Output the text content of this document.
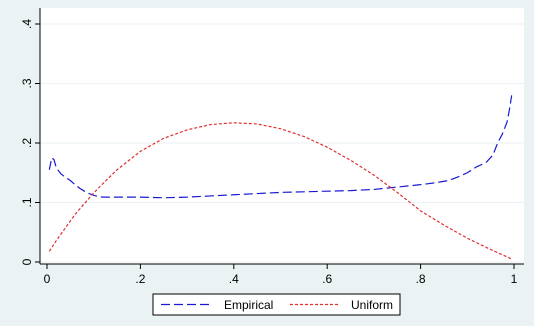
0	.2	.4	.6	.8	1
0
.1
.2
.3
.4
Empirical	Uniform
